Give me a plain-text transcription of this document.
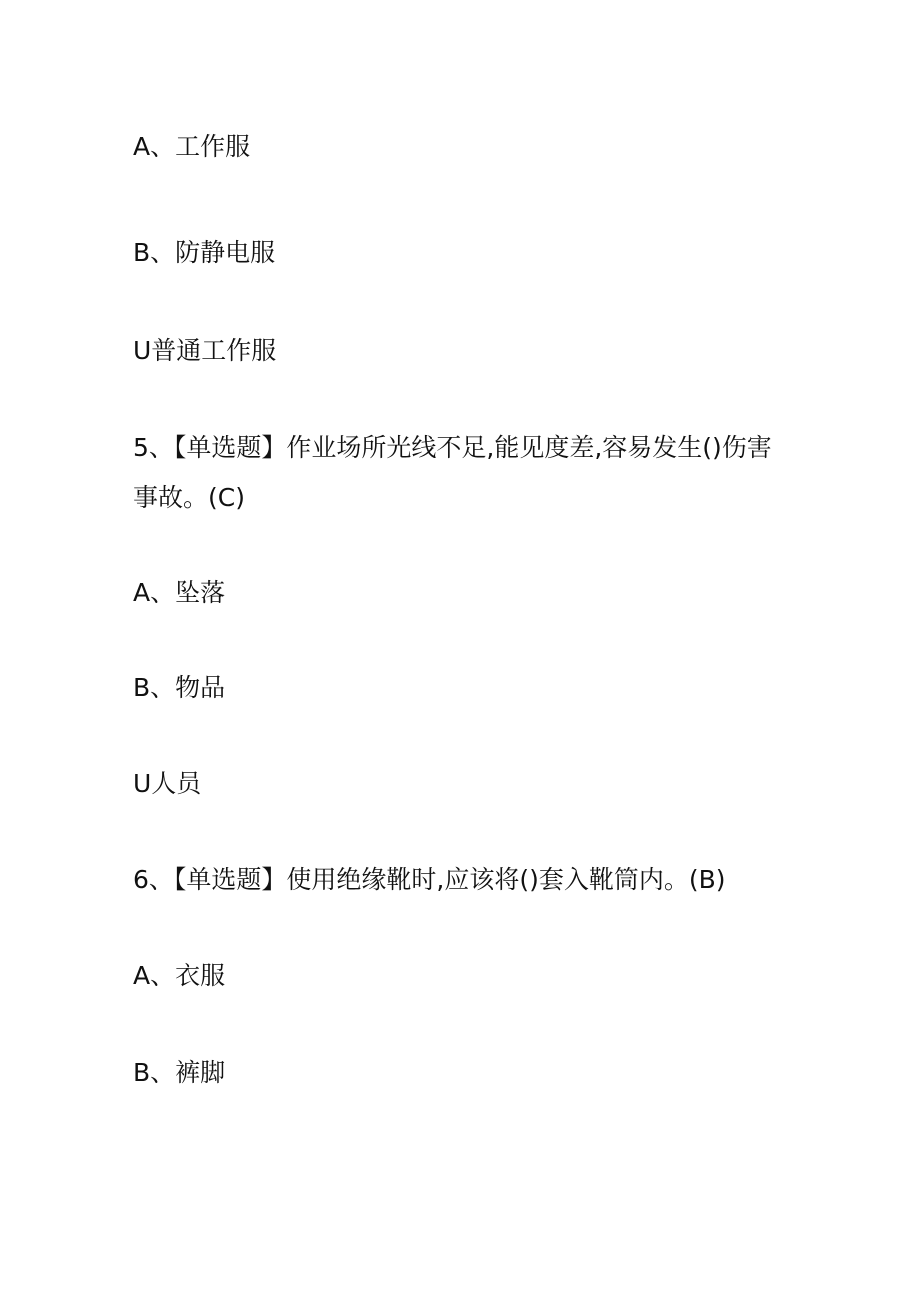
A、工作服
B、防静电服
U普通工作服
5、【单选题】作业场所光线不足,能见度差,容易发生()伤害事故。(C)
A、坠落
B、物品
U人员
6、【单选题】使用绝缘靴时,应该将()套入靴筒内。(B)
A、衣服
B、裤脚
